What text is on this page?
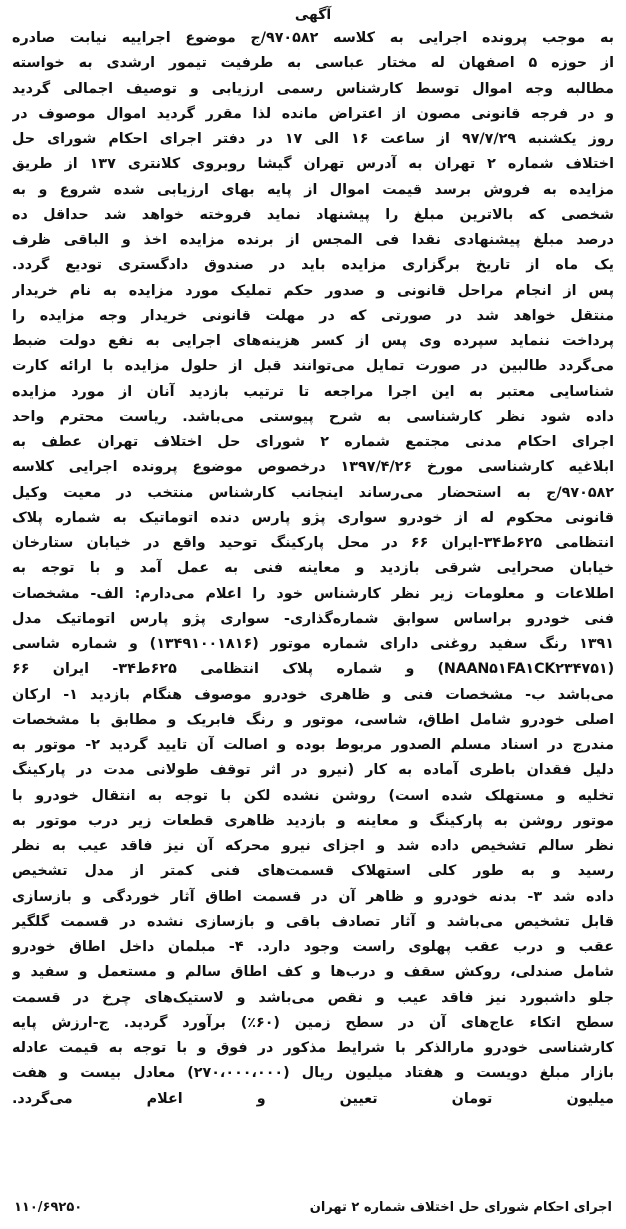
آگهی
به موجب پرونده اجرایی به کلاسه ۹۷۰۵۸۲/ج موضوع اجراییه نیابت صادره
از حوزه ۵ اصفهان له مختار عباسی به طرفیت تیمور ارشدی به خواسته
مطالبه وجه اموال توسط کارشناس رسمی ارزیابی و توصیف اجمالی گردید
و در فرجه قانونی مصون از اعتراض مانده لذا مقرر گردید اموال موصوف در
روز یکشنبه ۹۷/۷/۲۹ از ساعت ۱۶ الی ۱۷ در دفتر اجرای احکام شورای حل
اختلاف شماره ۲ تهران به آدرس تهران گیشا روبروی کلانتری ۱۳۷ از طریق
مزایده به فروش برسد قیمت اموال از پایه بهای ارزیابی شده شروع و به
شخصی که بالاترین مبلغ را پیشنهاد نماید فروخته خواهد شد حداقل ده
درصد مبلغ پیشنهادی نقدا فی المجس از برنده مزایده اخذ و الباقی ظرف
یک ماه از تاریخ برگزاری مزایده باید در صندوق دادگستری تودیع گردد.
پس از انجام مراحل قانونی و صدور حکم تملیک مورد مزایده به نام خریدار
منتقل خواهد شد در صورتی که در مهلت قانونی خریدار وجه مزایده را
پرداخت ننماید سپرده وی پس از کسر هزینه‌های اجرایی به نفع دولت ضبط
می‌گردد طالبین در صورت تمایل می‌توانند قبل از حلول مزایده با ارائه کارت
شناسایی معتبر به این اجرا مراجعه تا ترتیب بازدید آنان از مورد مزایده
داده شود نظر کارشناسی به شرح پیوستی می‌باشد. ریاست محترم واحد
اجرای احکام مدنی مجتمع شماره ۲ شورای حل اختلاف تهران عطف به
ابلاغیه کارشناسی مورخ ۱۳۹۷/۴/۲۶ درخصوص موضوع پرونده اجرایی کلاسه
۹۷۰۵۸۲/ج به استحضار می‌رساند اینجانب کارشناس منتخب در معیت وکیل
قانونی محکوم له از خودرو سواری پژو پارس دنده اتوماتیک به شماره پلاک
انتظامی ۶۲۵ط۳۴-ایران ۶۶ در محل پارکینگ توحید واقع در خیابان ستارخان
خیابان صحرایی شرقی بازدید و معاینه فنی به عمل آمد و با توجه به
اطلاعات و معلومات زیر نظر کارشناس خود را اعلام می‌دارم: الف- مشخصات
فنی خودرو براساس سوابق شماره‌گذاری- سواری پژو پارس اتوماتیک مدل
۱۳۹۱ رنگ سفید روغنی دارای شماره موتور (۱۳۴۹۱۰۰۱۸۱۶) و شماره شاسی
(NAAN۵۱FA۱CK۲۳۴۷۵۱) و شماره پلاک انتظامی ۶۲۵ط۳۴- ایران ۶۶
می‌باشد ب- مشخصات فنی و ظاهری خودرو موصوف هنگام بازدید ۱- ارکان
اصلی خودرو شامل اطاق، شاسی، موتور و رنگ فابریک و مطابق با مشخصات
مندرج در اسناد مسلم الصدور مربوط بوده و اصالت آن تایید گردید ۲- موتور به
دلیل فقدان باطری آماده به کار (نیرو در اثر توقف طولانی مدت در پارکینگ
تخلیه و مستهلک شده است) روشن نشده لکن با توجه به انتقال خودرو با
موتور روشن به پارکینگ و معاینه و بازدید ظاهری قطعات زیر درب موتور به
نظر سالم تشخیص داده شد و اجزای نیرو محرکه آن نیز فاقد عیب به نظر
رسید و به طور کلی استهلاک قسمت‌های فنی کمتر از مدل تشخیص
داده شد ۳- بدنه خودرو و ظاهر آن در قسمت اطاق آثار خوردگی و بازسازی
قابل تشخیص می‌باشد و آثار تصادف باقی و بازسازی نشده در قسمت گلگیر
عقب و درب عقب پهلوی راست وجود دارد. ۴- مبلمان داخل اطاق خودرو
شامل صندلی، روکش سقف و درب‌ها و کف اطاق سالم و مستعمل و سفید و
جلو داشبورد نیز فاقد عیب و نقص می‌باشد و لاستیک‌های چرخ در قسمت
سطح اتکاء عاج‌های آن در سطح زمین (۶۰٪) برآورد گردید. ج-ارزش پایه
کارشناسی خودرو مارالذکر با شرایط مذکور در فوق و با توجه به قیمت عادله
بازار مبلغ دویست و هفتاد میلیون ریال (۲۷۰،۰۰۰،۰۰۰) معادل بیست و هفت
میلیون تومان تعیین و اعلام می‌گردد.
اجرای احکام شورای حل اختلاف شماره ۲ تهران
۱۱۰/۶۹۲۵۰
